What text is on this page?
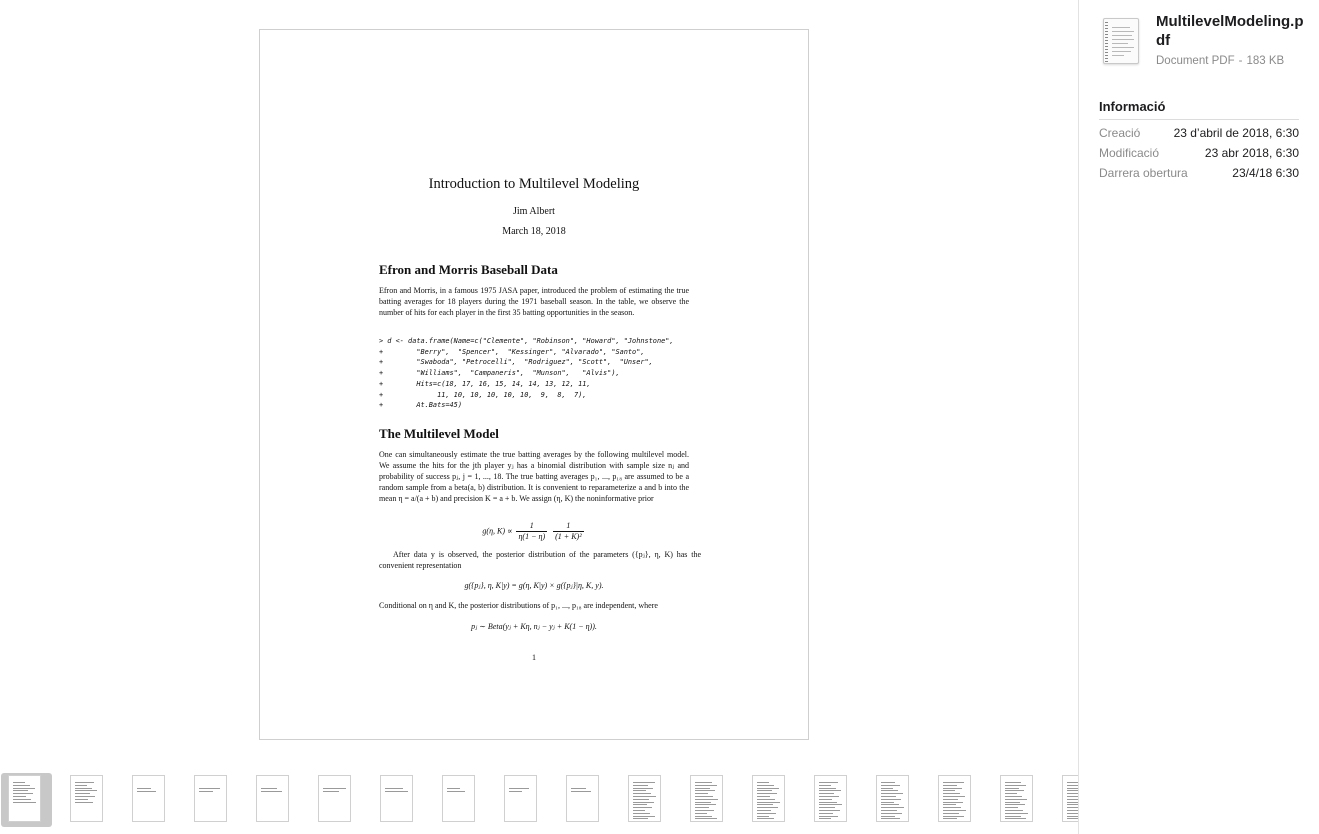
Introduction to Multilevel Modeling
Jim Albert
March 18, 2018
Efron and Morris Baseball Data
Efron and Morris, in a famous 1975 JASA paper, introduced the problem of estimating the true batting averages for 18 players during the 1971 baseball season. In the table, we observe the number of hits for each player in the first 35 batting opportunities in the season.
> d <- data.frame(Name=c("Clemente", "Robinson", "Howard", "Johnstone",
+        "Berry",  "Spencer",  "Kessinger", "Alvarado", "Santo",
+        "Swaboda", "Petrocelli",  "Rodriguez", "Scott",  "Unser",
+        "Williams",  "Campaneris",  "Munson",   "Alvis"),
+        Hits=c(18, 17, 16, 15, 14, 14, 13, 12, 11,
+             11, 10, 10, 10, 10, 10,  9,  8,  7),
+        At.Bats=45)
The Multilevel Model
One can simultaneously estimate the true batting averages by the following multilevel model. We assume the hits for the jth player yⱼ has a binomial distribution with sample size nⱼ and probability of success pⱼ, j = 1, ..., 18. The true batting averages p₁, ..., p₁₈ are assumed to be a random sample from a beta(a, b) distribution. It is convenient to reparameterize a and b into the mean η = a/(a + b) and precision K = a + b. We assign (η, K) the noninformative prior
g(η, $K) \propto \frac{1}{\eta(1 - \eta)}$
$\frac{1}{\text{(1 + K)²}}$
After data y is observed, the posterior distribution of the parameters ({pⱼ}, η, K) has the convenient representation
g({pⱼ}, η, K|y) = g(η, K|y) × g({pⱼ}|η, K, y).
Conditional on η and K, the posterior distributions of p₁, ..., p₁₈ are independent, where
pⱼ ∼ Beta(yⱼ + Kη, nⱼ − yⱼ + K(1 − η)).
1
MultilevelModeling.pdf
Document PDF - 183 KB
Informació
Creació	23 d’abril de 2018, 6:30
Modificació	23 abr 2018, 6:30
Darrera obertura	23/4/18 6:30
